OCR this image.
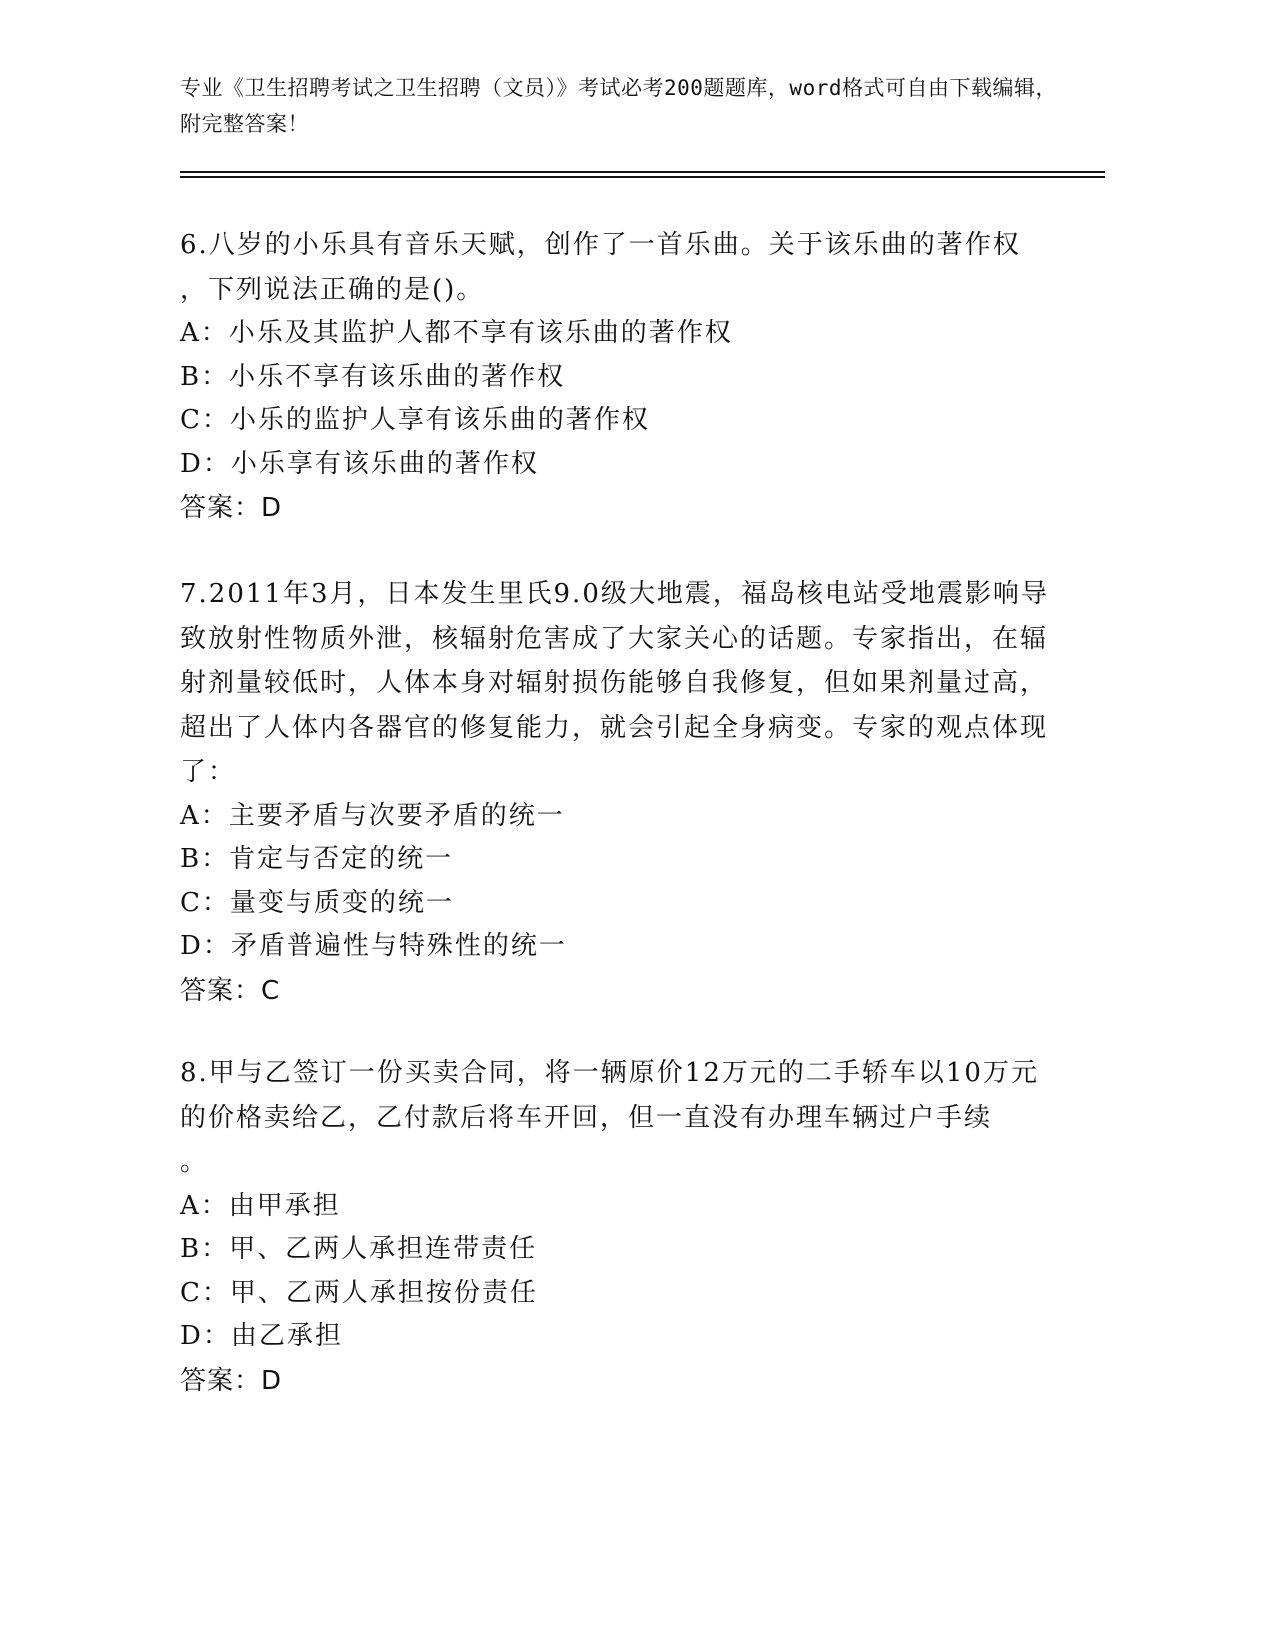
专业《卫生招聘考试之卫生招聘（文员）》考试必考200题题库，word格式可自由下载编辑，附完整答案！
6.八岁的小乐具有音乐天赋，创作了一首乐曲。关于该乐曲的著作权
，下列说法正确的是()。
A：小乐及其监护人都不享有该乐曲的著作权
B：小乐不享有该乐曲的著作权
C：小乐的监护人享有该乐曲的著作权
D：小乐享有该乐曲的著作权
答案：D
7.2011年3月，日本发生里氏9.0级大地震，福岛核电站受地震影响导致放射性物质外泄，核辐射危害成了大家关心的话题。专家指出，在辐射剂量较低时，人体本身对辐射损伤能够自我修复，但如果剂量过高，超出了人体内各器官的修复能力，就会引起全身病变。专家的观点体现了：
A：主要矛盾与次要矛盾的统一
B：肯定与否定的统一
C：量变与质变的统一
D：矛盾普遍性与特殊性的统一
答案：C
8.甲与乙签订一份买卖合同，将一辆原价12万元的二手轿车以10万元的价格卖给乙，乙付款后将车开回，但一直没有办理车辆过户手续
。
A：由甲承担
B：甲、乙两人承担连带责任
C：甲、乙两人承担按份责任
D：由乙承担
答案：D
